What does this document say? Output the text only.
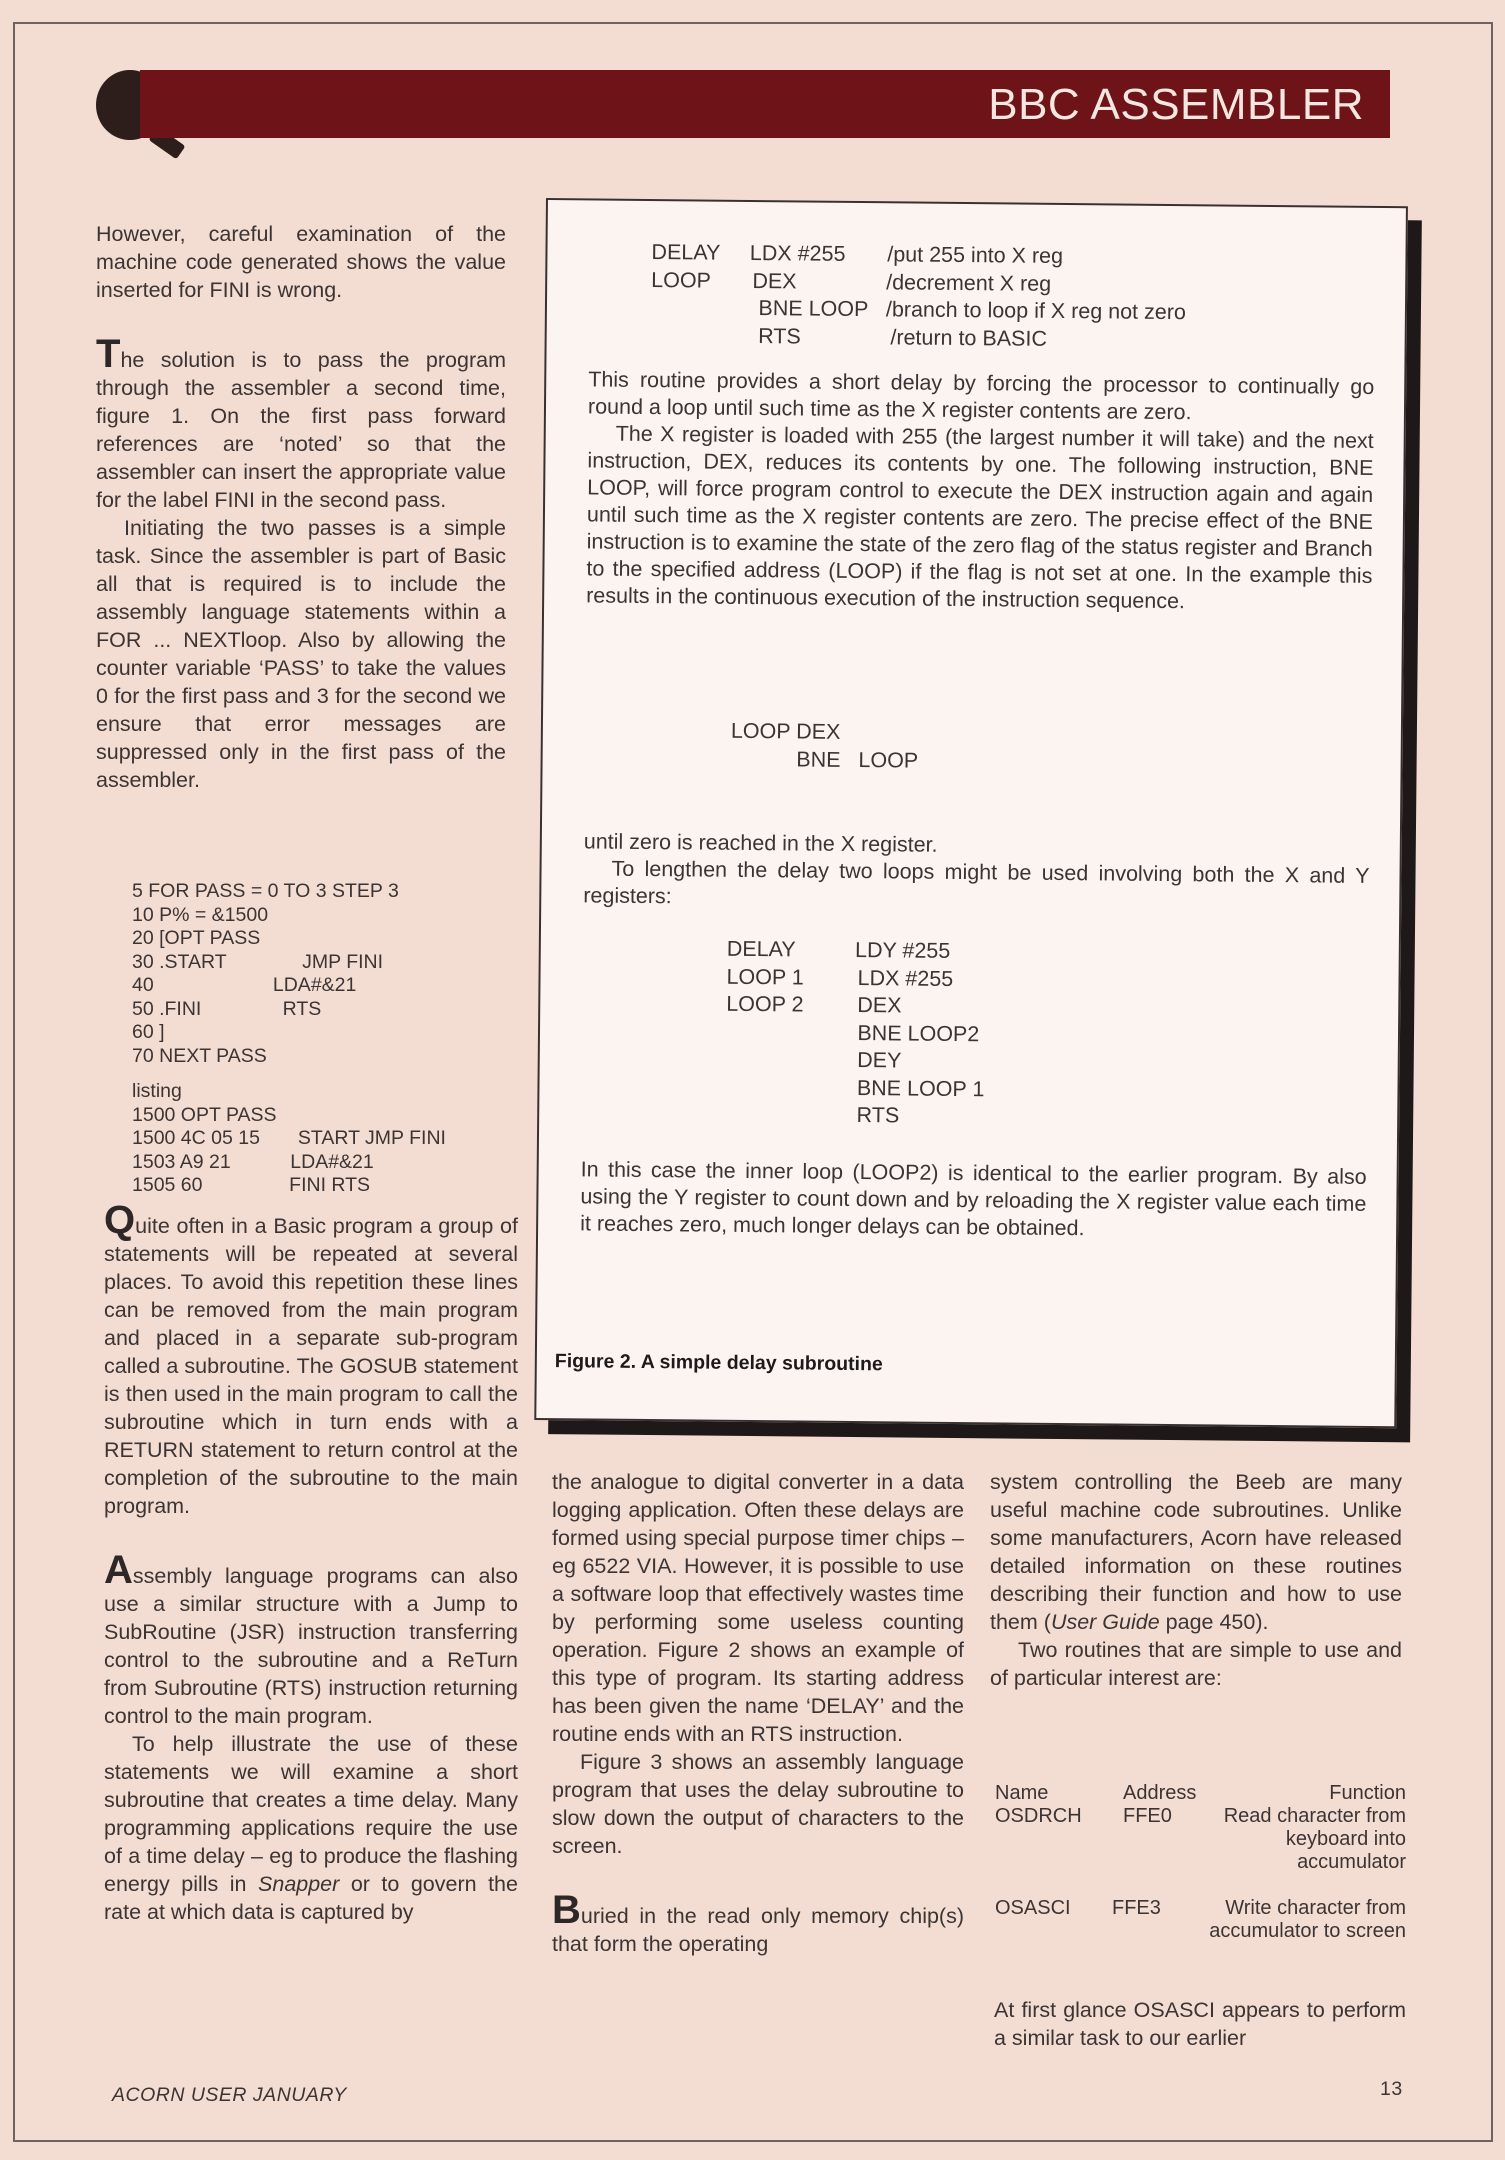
BBC ASSEMBLER

However, careful examination of the machine code generated shows the value inserted for FINI is wrong.

The solution is to pass the program through the assembler a second time, figure 1. On the first pass forward references are ‘noted’ so that the assembler can insert the appropriate value for the label FINI in the second pass.

Initiating the two passes is a simple task. Since the assembler is part of Basic all that is required is to include the assembly language statements within a FOR ... NEXTloop. Also by allowing the counter variable ‘PASS’ to take the values 0 for the first pass and 3 for the second we ensure that error messages are suppressed only in the first pass of the assembler.

5 FOR PASS = 0 TO 3 STEP 3
10 P% = &1500
20 [OPT PASS
30 .START              JMP FINI
40                      LDA#&21
50 .FINI               RTS
60 ]
70 NEXT PASS
listing
1500 OPT PASS
1500 4C 05 15       START JMP FINI
1503 A9 21           LDA#&21
1505 60                FINI RTS

Quite often in a Basic program a group of statements will be repeated at several places. To avoid this repetition these lines can be removed from the main program and placed in a separate sub-program called a subroutine. The GOSUB statement is then used in the main program to call the subroutine which in turn ends with a RETURN statement to return control at the completion of the subroutine to the main program.

Assembly language programs can also use a similar structure with a Jump to SubRoutine (JSR) instruction transferring control to the subroutine and a ReTurn from Subroutine (RTS) instruction returning control to the main program.

To help illustrate the use of these statements we will examine a short subroutine that creates a time delay. Many programming applications require the use of a time delay – eg to produce the flashing energy pills in Snapper or to govern the rate at which data is captured by

DELAY     LDX #255       /put 255 into X reg
LOOP       DEX               /decrement X reg
BNE LOOP   /branch to loop if X reg not zero
RTS               /return to BASIC

This routine provides a short delay by forcing the processor to continually go round a loop until such time as the X register contents are zero.

The X register is loaded with 255 (the largest number it will take) and the next instruction, DEX, reduces its contents by one. The following instruction, BNE LOOP, will force program control to execute the DEX instruction again and again until such time as the X register contents are zero. The precise effect of the BNE instruction is to examine the state of the zero flag of the status register and Branch to the specified address (LOOP) if the flag is not set at one. In the example this results in the continuous execution of the instruction sequence.

LOOP DEX
BNE   LOOP

until zero is reached in the X register.

To lengthen the delay two loops might be used involving both the X and Y registers:

DELAY          LDY #255
LOOP 1         LDX #255
LOOP 2         DEX
BNE LOOP2
DEY
BNE LOOP 1
RTS
In this case the inner loop (LOOP2) is identical to the earlier program. By also using the Y register to count down and by reloading the X register value each time it reaches zero, much longer delays can be obtained.
Figure 2. A simple delay subroutine

the analogue to digital converter in a data logging application. Often these delays are formed using special purpose timer chips – eg 6522 VIA. However, it is possible to use a software loop that effectively wastes time by performing some useless counting operation. Figure 2 shows an example of this type of program. Its starting address has been given the name ‘DELAY’ and the routine ends with an RTS instruction.

Figure 3 shows an assembly language program that uses the delay subroutine to slow down the output of characters to the screen.

Buried in the read only memory chip(s) that form the operating

system controlling the Beeb are many useful machine code subroutines. Unlike some manufacturers, Acorn have released detailed information on these routines describing their function and how to use them (User Guide page 450).

Two routines that are simple to use and of particular interest are:

Name	Address	Function
OSDRCH FFE0	Read character from keyboard into accumulator
OSASCI FFE3	Write character from accumulator to screen

At first glance OSASCI appears to perform a similar task to our earlier

ACORN USER JANUARY	13
